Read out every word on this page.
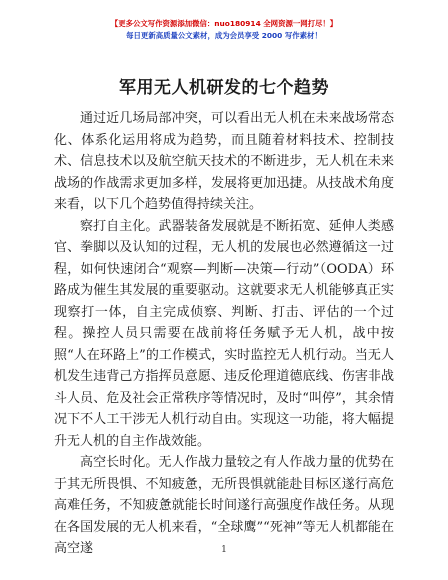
【更多公文写作资源添加微信：nuo180914 全网资源一网打尽！】
每日更新高质量公文素材，成为会员享受 2000 写作素材！
军用无人机研发的七个趋势

通过近几场局部冲突，可以看出无人机在未来战场常态化、体系化运用将成为趋势，而且随着材料技术、控制技术、信息技术以及航空航天技术的不断进步，无人机在未来战场的作战需求更加多样，发展将更加迅捷。从技战术角度来看，以下几个趋势值得持续关注。

察打自主化。武器装备发展就是不断拓宽、延伸人类感官、拳脚以及认知的过程，无人机的发展也必然遵循这一过程，如何快速闭合“观察—判断—决策—行动”（OODA）环路成为催生其发展的重要驱动。这就要求无人机能够真正实现察打一体，自主完成侦察、判断、打击、评估的一个过程。操控人员只需要在战前将任务赋予无人机，战中按照“人在环路上”的工作模式，实时监控无人机行动。当无人机发生违背己方指挥员意愿、违反伦理道德底线、伤害非战斗人员、危及社会正常秩序等情况时，及时“叫停”，其余情况下不人工干涉无人机行动自由。实现这一功能，将大幅提升无人机的自主作战效能。

高空长时化。无人作战力量较之有人作战力量的优势在于其无所畏惧、不知疲惫，无所畏惧就能赴目标区遂行高危高难任务，不知疲惫就能长时间遂行高强度作战任务。从现在各国发展的无人机来看，“全球鹰”“死神”等无人机都能在高空遂	1
